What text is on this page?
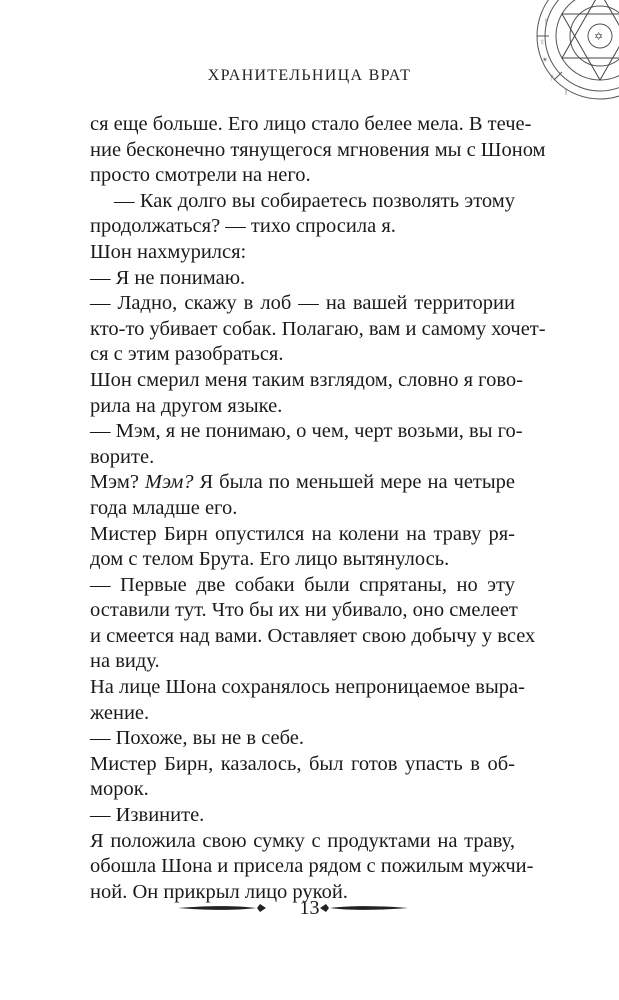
✶
ᚠ
ᚱ
ᛟ
ᚨ
✡
ХРАНИТЕЛЬНИЦА ВРАТ
ся еще больше. Его лицо стало белее мела. В тече-
ние бесконечно тянущегося мгновения мы с Шоном
просто смотрели на него.
— Как долго вы собираетесь позволять этому
продолжаться? — тихо спросила я.
Шон нахмурился:
— Я не понимаю.
— Ладно, скажу в лоб — на вашей территории
кто-то убивает собак. Полагаю, вам и самому хочет-
ся с этим разобраться.
Шон смерил меня таким взглядом, словно я гово-
рила на другом языке.
— Мэм, я не понимаю, о чем, черт возьми, вы го-
ворите.
Мэм? Мэм? Я была по меньшей мере на четыре
года младше его.
Мистер Бирн опустился на колени на траву ря-
дом с телом Брута. Его лицо вытянулось.
— Первые две собаки были спрятаны, но эту
оставили тут. Что бы их ни убивало, оно смелеет
и смеется над вами. Оставляет свою добычу у всех
на виду.
На лице Шона сохранялось непроницаемое выра-
жение.
— Похоже, вы не в себе.
Мистер Бирн, казалось, был готов упасть в об-
морок.
— Извините.
Я положила свою сумку с продуктами на траву,
обошла Шона и присела рядом с пожилым мужчи-
ной. Он прикрыл лицо рукой.
13
